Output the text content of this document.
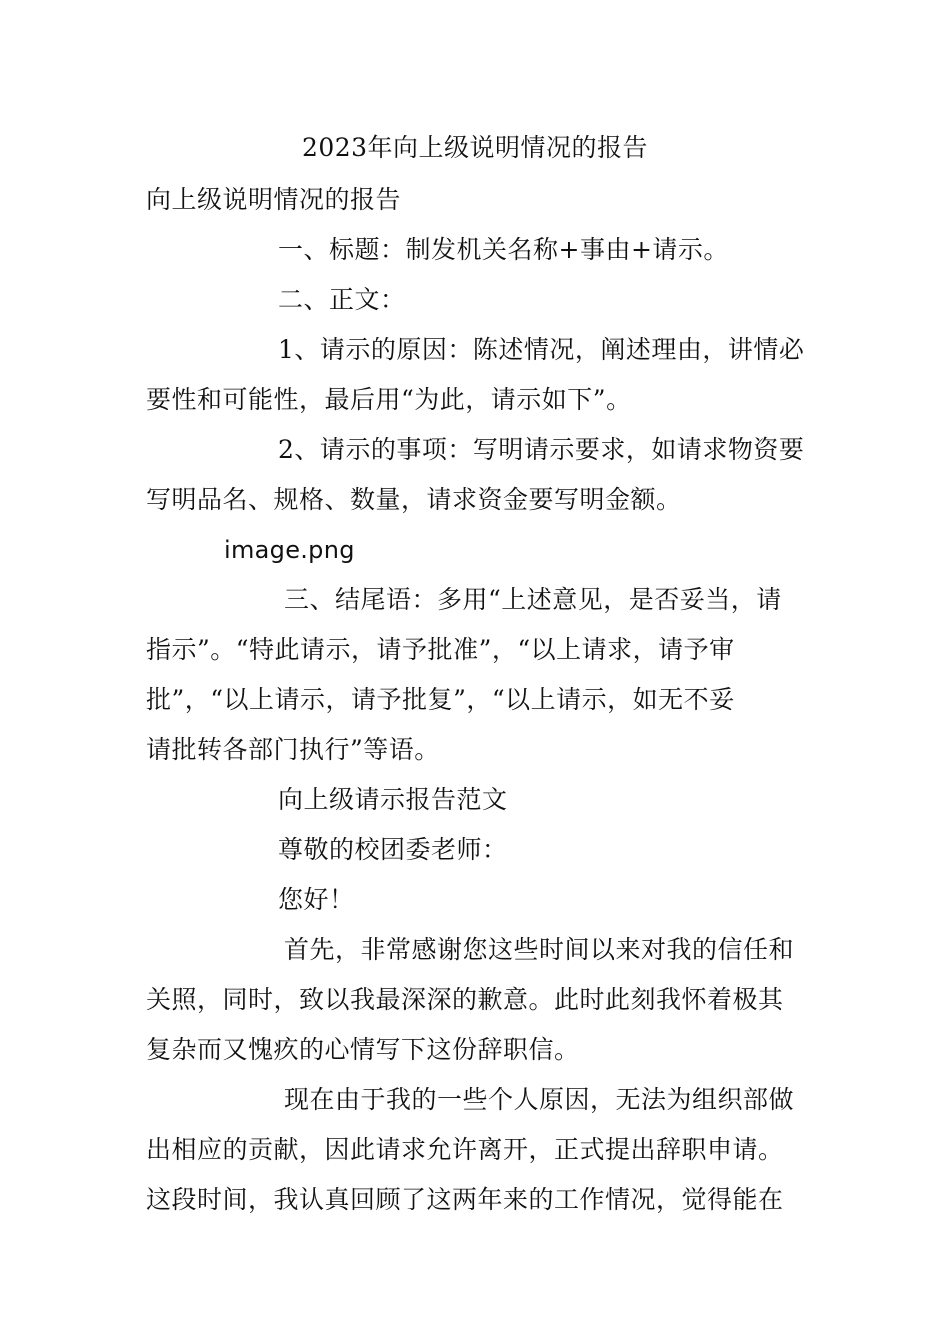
2023年向上级说明情况的报告
向上级说明情况的报告
一、标题：制发机关名称+事由+请示。
二、正文：
1、请示的原因：陈述情况，阐述理由，讲情必
要性和可能性，最后用“为此，请示如下”。
2、请示的事项：写明请示要求，如请求物资要
写明品名、规格、数量，请求资金要写明金额。
image.png
三、结尾语：多用“上述意见，是否妥当，请
指示”。“特此请示，请予批准”，“以上请求，请予审
批”，“以上请示，请予批复”，“以上请示，如无不妥
请批转各部门执行”等语。
向上级请示报告范文
尊敬的校团委老师：
您好！
首先，非常感谢您这些时间以来对我的信任和
关照，同时，致以我最深深的歉意。此时此刻我怀着极其
复杂而又愧疚的心情写下这份辞职信。
现在由于我的一些个人原因，无法为组织部做
出相应的贡献，因此请求允许离开，正式提出辞职申请。
这段时间，我认真回顾了这两年来的工作情况，觉得能在
